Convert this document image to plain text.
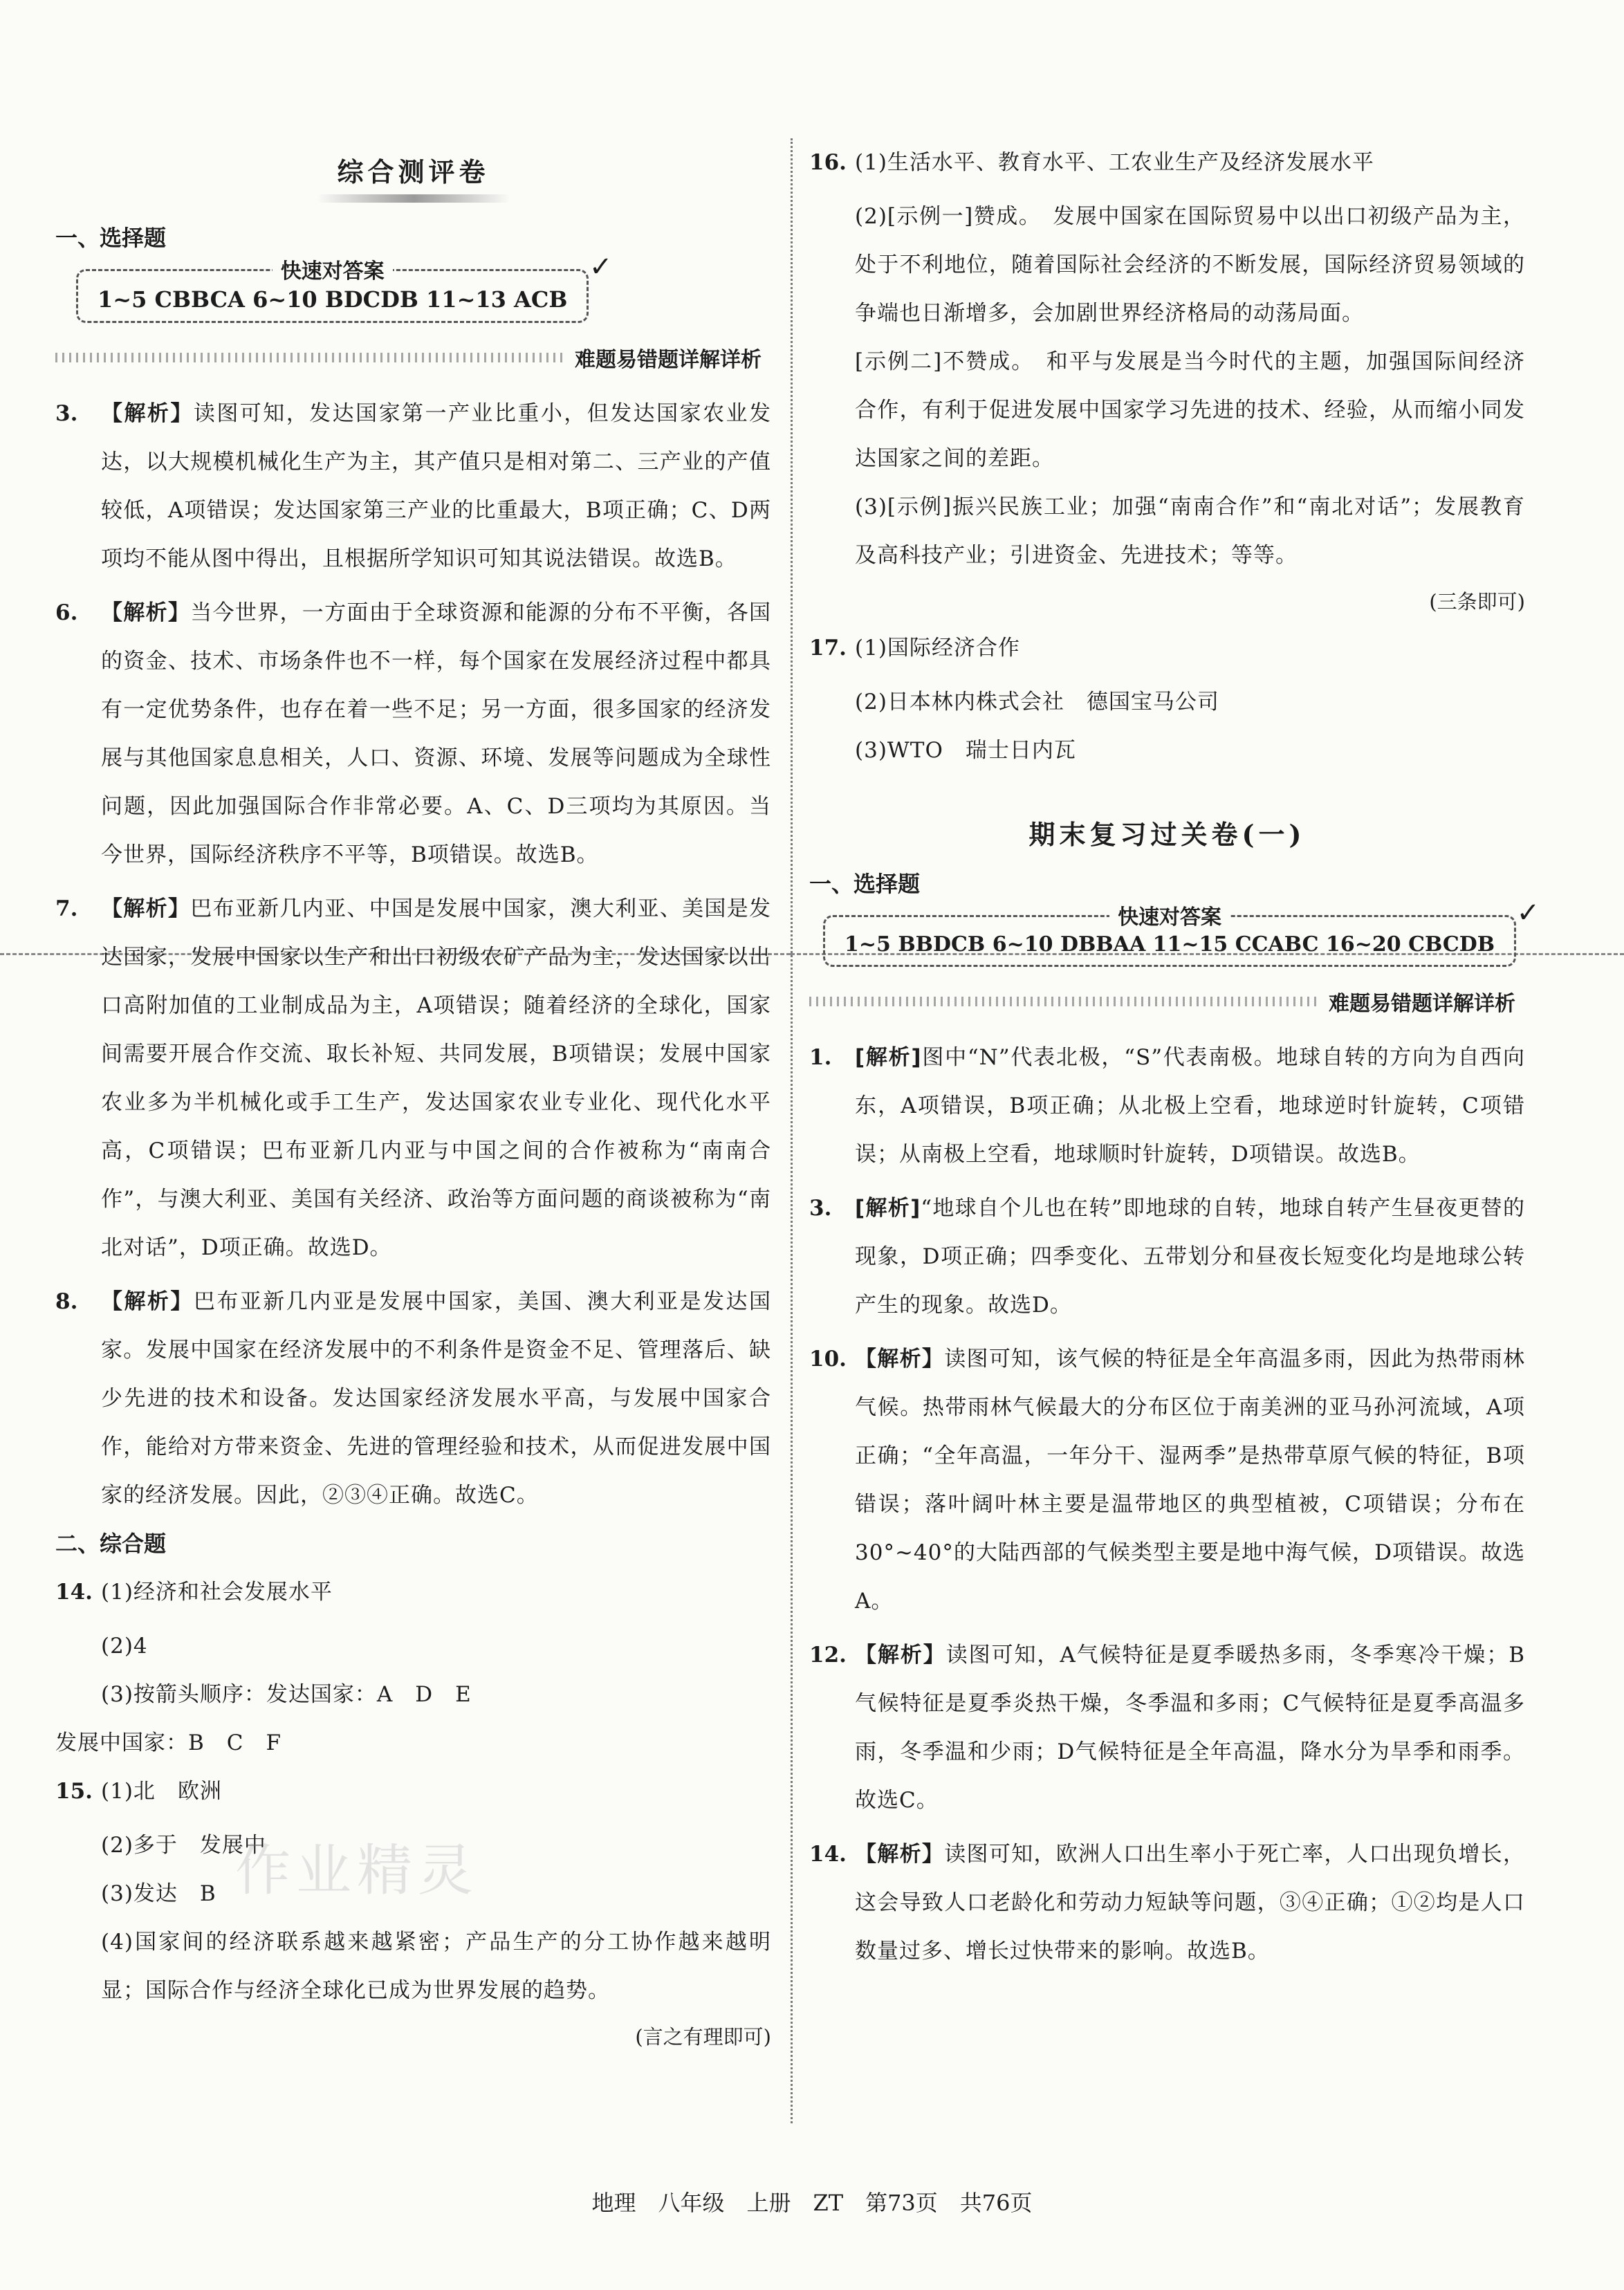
综合测评卷
一、选择题
快速对答案
1~5 CBBCA 6~10 BDCDB 11~13 ACB
✓
难题易错题详解详析
3.	【解析】读图可知，发达国家第一产业比重小，但发达国家农业发达，以大规模机械化生产为主，其产值只是相对第二、三产业的产值较低，A项错误；发达国家第三产业的比重最大，B项正确；C、D两项均不能从图中得出，且根据所学知识可知其说法错误。故选B。
6.	【解析】当今世界，一方面由于全球资源和能源的分布不平衡，各国的资金、技术、市场条件也不一样，每个国家在发展经济过程中都具有一定优势条件，也存在着一些不足；另一方面，很多国家的经济发展与其他国家息息相关，人口、资源、环境、发展等问题成为全球性问题，因此加强国际合作非常必要。A、C、D三项均为其原因。当今世界，国际经济秩序不平等，B项错误。故选B。
7.	【解析】巴布亚新几内亚、中国是发展中国家，澳大利亚、美国是发达国家，发展中国家以生产和出口初级农矿产品为主，发达国家以出口高附加值的工业制成品为主，A项错误；随着经济的全球化，国家间需要开展合作交流、取长补短、共同发展，B项错误；发展中国家农业多为半机械化或手工生产，发达国家农业专业化、现代化水平高，C项错误；巴布亚新几内亚与中国之间的合作被称为“南南合作”，与澳大利亚、美国有关经济、政治等方面问题的商谈被称为“南北对话”，D项正确。故选D。
8.	【解析】巴布亚新几内亚是发展中国家，美国、澳大利亚是发达国家。发展中国家在经济发展中的不利条件是资金不足、管理落后、缺少先进的技术和设备。发达国家经济发展水平高，与发展中国家合作，能给对方带来资金、先进的管理经验和技术，从而促进发展中国家的经济发展。因此，②③④正确。故选C。
二、综合题
14. (1)经济和社会发展水平
(2)4
(3)按箭头顺序：发达国家：A　D　E
发展中国家：B　C　F
15. (1)北　欧洲
(2)多于　发展中
(3)发达　B
(4)国家间的经济联系越来越紧密；产品生产的分工协作越来越明显；国际合作与经济全球化已成为世界发展的趋势。
(言之有理即可)
作业精灵
16. (1)生活水平、教育水平、工农业生产及经济发展水平
(2)[示例一]赞成。　发展中国家在国际贸易中以出口初级产品为主，处于不利地位，随着国际社会经济的不断发展，国际经济贸易领域的争端也日渐增多，会加剧世界经济格局的动荡局面。
[示例二]不赞成。　和平与发展是当今时代的主题，加强国际间经济合作，有利于促进发展中国家学习先进的技术、经验，从而缩小同发达国家之间的差距。
(3)[示例]振兴民族工业；加强“南南合作”和“南北对话”；发展教育及高科技产业；引进资金、先进技术；等等。
(三条即可)
17. (1)国际经济合作
(2)日本林内株式会社　德国宝马公司
(3)WTO　瑞士日内瓦
期末复习过关卷(一)
一、选择题
快速对答案
1~5 BBDCB 6~10 DBBAA 11~15 CCABC 16~20 CBCDB
✓
难题易错题详解详析
1.	[解析]图中“N”代表北极，“S”代表南极。地球自转的方向为自西向东，A项错误，B项正确；从北极上空看，地球逆时针旋转，C项错误；从南极上空看，地球顺时针旋转，D项错误。故选B。
3.	[解析]“地球自个儿也在转”即地球的自转，地球自转产生昼夜更替的现象，D项正确；四季变化、五带划分和昼夜长短变化均是地球公转产生的现象。故选D。
10. 【解析】读图可知，该气候的特征是全年高温多雨，因此为热带雨林气候。热带雨林气候最大的分布区位于南美洲的亚马孙河流域，A项正确；“全年高温，一年分干、湿两季”是热带草原气候的特征，B项错误；落叶阔叶林主要是温带地区的典型植被，C项错误；分布在30°~40°的大陆西部的气候类型主要是地中海气候，D项错误。故选A。
12. 【解析】读图可知，A气候特征是夏季暖热多雨，冬季寒冷干燥；B气候特征是夏季炎热干燥，冬季温和多雨；C气候特征是夏季高温多雨，冬季温和少雨；D气候特征是全年高温，降水分为旱季和雨季。故选C。
14. 【解析】读图可知，欧洲人口出生率小于死亡率，人口出现负增长，这会导致人口老龄化和劳动力短缺等问题，③④正确；①②均是人口数量过多、增长过快带来的影响。故选B。
地理　八年级　上册　ZT　第73页　共76页
